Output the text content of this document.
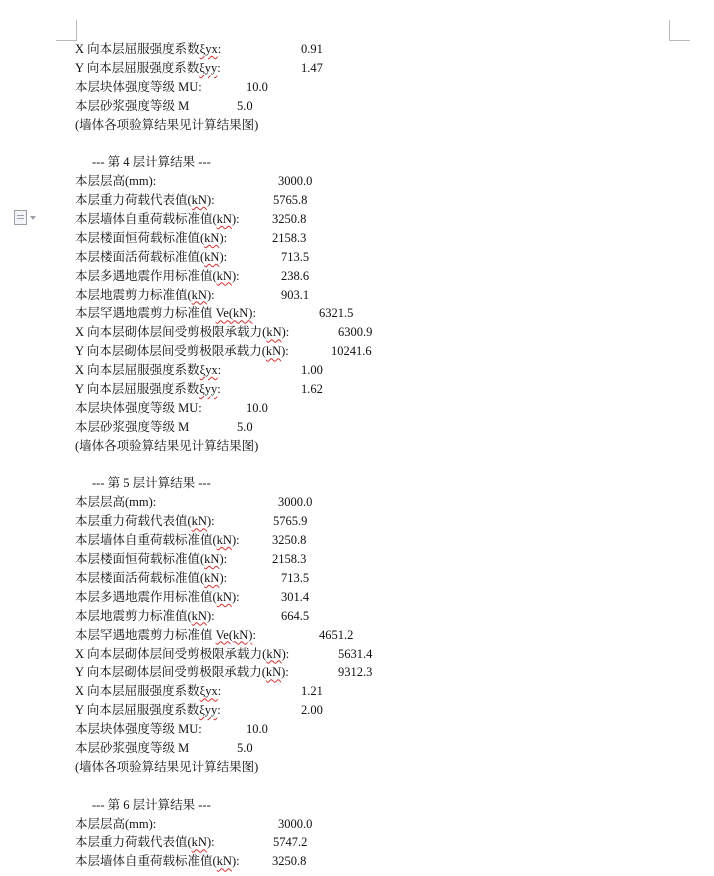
X 向本层屈服强度系数ξyx:	0.91
Y 向本层屈服强度系数ξyy:	1.47
本层块体强度等级 MU:	10.0
本层砂浆强度等级 M	5.0
(墙体各项验算结果见计算结果图)
--- 第 4 层计算结果 ---
本层层高(mm):	3000.0
本层重力荷载代表值(kN):	5765.8
本层墙体自重荷载标准值(kN):	3250.8
本层楼面恒荷载标准值(kN):	2158.3
本层楼面活荷载标准值(kN):	713.5
本层多遇地震作用标准值(kN):	238.6
本层地震剪力标准值(kN):	903.1
本层罕遇地震剪力标准值 Ve(kN):	6321.5
X 向本层砌体层间受剪极限承载力(kN):	6300.9
Y 向本层砌体层间受剪极限承载力(kN):	10241.6
X 向本层屈服强度系数ξyx:	1.00
Y 向本层屈服强度系数ξyy:	1.62
本层块体强度等级 MU:	10.0
本层砂浆强度等级 M	5.0
(墙体各项验算结果见计算结果图)
--- 第 5 层计算结果 ---
本层层高(mm):	3000.0
本层重力荷载代表值(kN):	5765.9
本层墙体自重荷载标准值(kN):	3250.8
本层楼面恒荷载标准值(kN):	2158.3
本层楼面活荷载标准值(kN):	713.5
本层多遇地震作用标准值(kN):	301.4
本层地震剪力标准值(kN):	664.5
本层罕遇地震剪力标准值 Ve(kN):	4651.2
X 向本层砌体层间受剪极限承载力(kN):	5631.4
Y 向本层砌体层间受剪极限承载力(kN):	9312.3
X 向本层屈服强度系数ξyx:	1.21
Y 向本层屈服强度系数ξyy:	2.00
本层块体强度等级 MU:	10.0
本层砂浆强度等级 M	5.0
(墙体各项验算结果见计算结果图)
--- 第 6 层计算结果 ---
本层层高(mm):	3000.0
本层重力荷载代表值(kN):	5747.2
本层墙体自重荷载标准值(kN):	3250.8
